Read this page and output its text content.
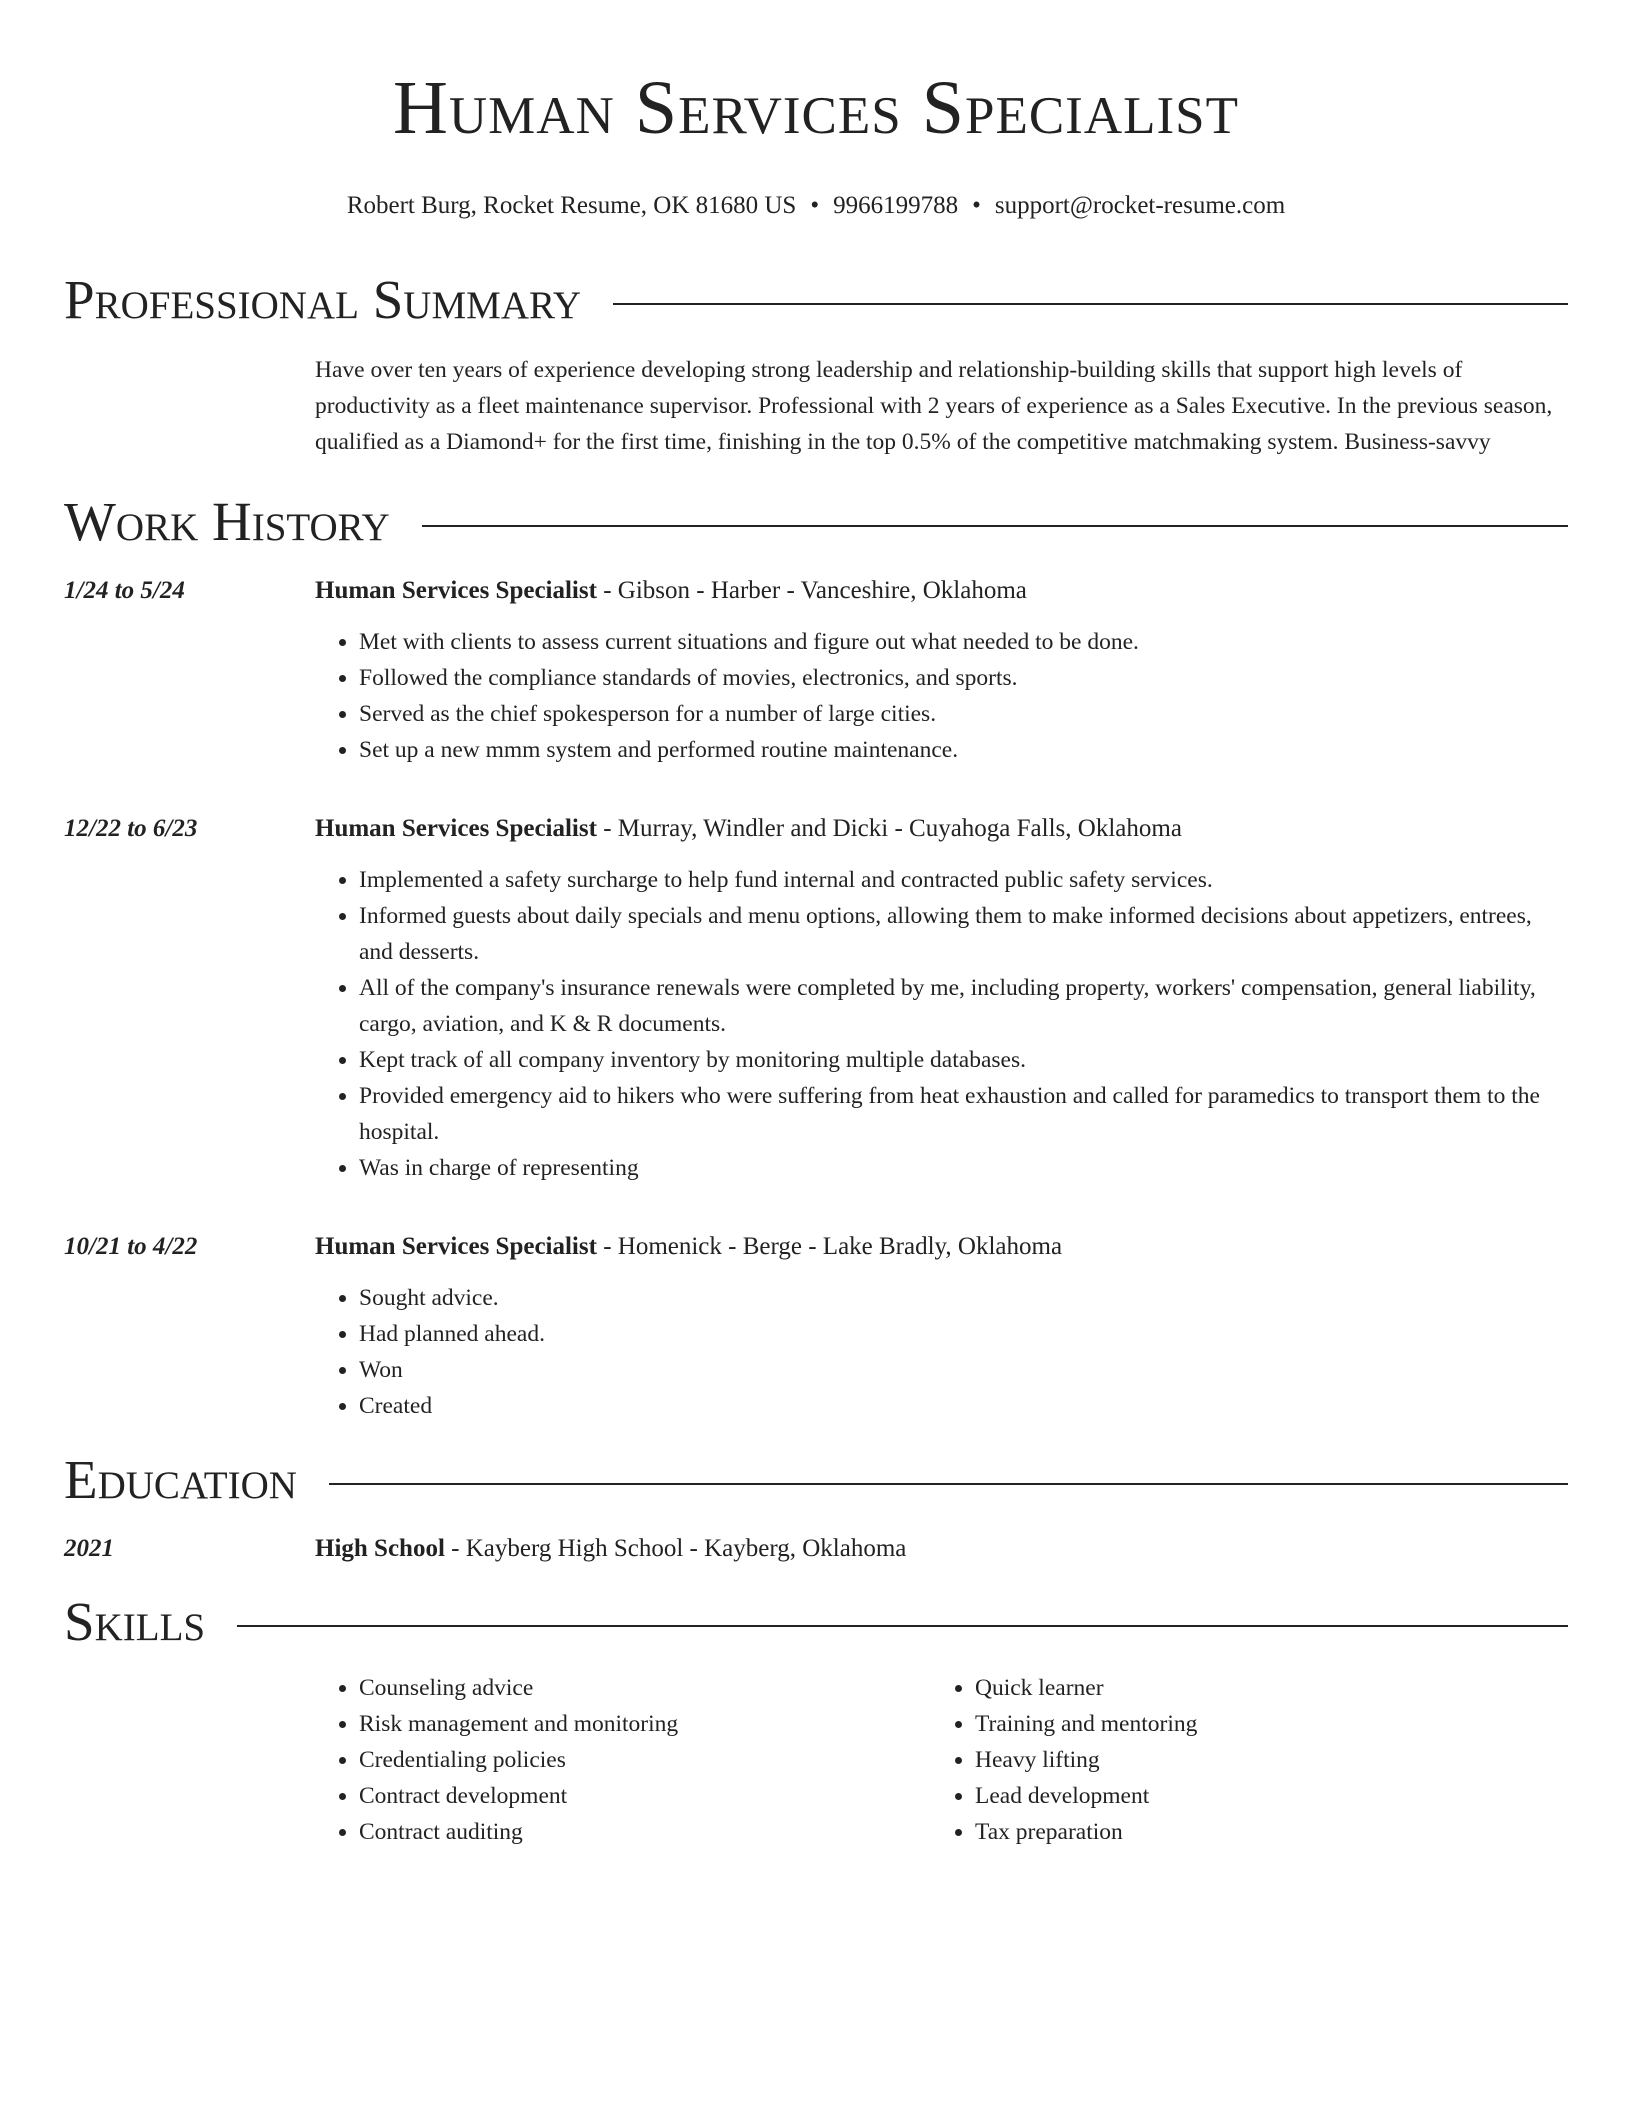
Human Services Specialist
Robert Burg, Rocket Resume, OK 81680 US • 9966199788 • support@rocket-resume.com
Professional Summary
Have over ten years of experience developing strong leadership and relationship-building skills that support high levels of productivity as a fleet maintenance supervisor. Professional with 2 years of experience as a Sales Executive. In the previous season, qualified as a Diamond+ for the first time, finishing in the top 0.5% of the competitive matchmaking system. Business-savvy
Work History
1/24 to 5/24	Human Services Specialist - Gibson - Harber - Vanceshire, Oklahoma
• Met with clients to assess current situations and figure out what needed to be done.
• Followed the compliance standards of movies, electronics, and sports.
• Served as the chief spokesperson for a number of large cities.
• Set up a new mmm system and performed routine maintenance.
12/22 to 6/23	Human Services Specialist - Murray, Windler and Dicki - Cuyahoga Falls, Oklahoma
• Implemented a safety surcharge to help fund internal and contracted public safety services.
• Informed guests about daily specials and menu options, allowing them to make informed decisions about appetizers, entrees, and desserts.
• All of the company's insurance renewals were completed by me, including property, workers' compensation, general liability, cargo, aviation, and K & R documents.
• Kept track of all company inventory by monitoring multiple databases.
• Provided emergency aid to hikers who were suffering from heat exhaustion and called for paramedics to transport them to the hospital.
• Was in charge of representing
10/21 to 4/22	Human Services Specialist - Homenick - Berge - Lake Bradly, Oklahoma
• Sought advice.
• Had planned ahead.
• Won
• Created
Education
2021	High School - Kayberg High School - Kayberg, Oklahoma
Skills
• Counseling advice
• Risk management and monitoring
• Credentialing policies
• Contract development
• Contract auditing
• Quick learner
• Training and mentoring
• Heavy lifting
• Lead development
• Tax preparation
